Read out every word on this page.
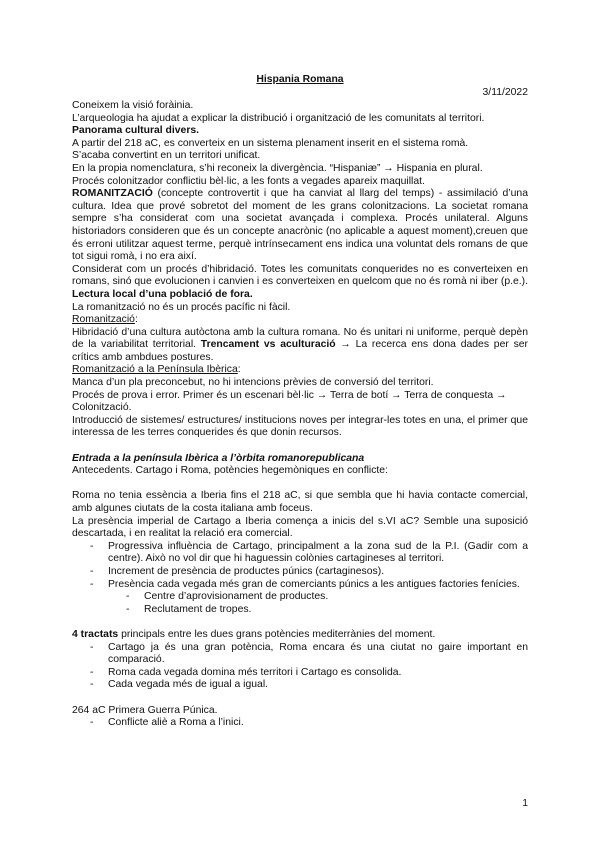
Hispania Romana

3/11/2022

Coneixem la visió foràinia.

L’arqueologia ha ajudat a explicar la distribució i organització de les comunitats al territori.

Panorama cultural divers.

A partir del 218 aC, es converteix en un sistema plenament inserit en el sistema romà.

S’acaba convertint en un territori unificat.

En la propia nomenclatura, s’hi reconeix la divergència. “Hispaniæ” → Hispania en plural.

Procés colonitzador conflictiu bèl·lic, a les fonts a vegades apareix maquillat.

ROMANITZACIÓ (concepte controvertit i que ha canviat al llarg del temps) - assimilació d’una cultura. Idea que prové sobretot del moment de les grans colonitzacions. La societat romana sempre s’ha considerat com una societat avançada i complexa. Procés unilateral. Alguns historiadors consideren que és un concepte anacrònic (no aplicable a aquest moment),creuen que és erroni utilitzar aquest terme, perquè intrínsecament ens indica una voluntat dels romans de que tot sigui romà, i no era així.

Considerat com un procés d’hibridació. Totes les comunitats conquerides no es converteixen en romans, sinó que evolucionen i canvien i es converteixen en quelcom que no és romà ni iber (p.e.). Lectura local d’una població de fora.

La romanització no és un procés pacífic ni fàcil.

Romanització:

Hibridació d’una cultura autòctona amb la cultura romana. No és unitari ni uniforme, perquè depèn de la variabilitat territorial. Trencament vs aculturació → La recerca ens dona dades per ser crítics amb ambdues postures.

Romanització a la Península Ibèrica:

Manca d’un pla preconcebut, no hi intencions prèvies de conversió del territori.

Procés de prova i error. Primer és un escenari bèl·lic → Terra de botí → Terra de conquesta → Colonització.

Introducció de sistemes/ estructures/ institucions noves per integrar-les totes en una, el primer que interessa de les terres conquerides és que donin recursos.

Entrada a la península Ibèrica a l’òrbita romanorepublicana

Antecedents. Cartago i Roma, potències hegemòniques en conflicte:

Roma no tenia essència a Iberia fins el 218 aC, si que sembla que hi havia contacte comercial, amb algunes ciutats de la costa italiana amb foceus.

La presència imperial de Cartago a Iberia comença a inicis del s.VI aC? Semble una suposició descartada, i en realitat la relació era comercial.

- Progressiva influència de Cartago, principalment a la zona sud de la P.I. (Gadir com a centre). Això no vol dir que hi haguessin colònies cartagineses al territori.
- Increment de presència de productes púnics (cartaginesos).
- Presència cada vegada més gran de comerciants púnics a les antigues factories fenícies.
- Centre d’aprovisionament de productes.
- Reclutament de tropes.

4 tractats principals entre les dues grans potències mediterrànies del moment.

- Cartago ja és una gran potència, Roma encara és una ciutat no gaire important en comparació.
- Roma cada vegada domina més territori i Cartago es consolida.
- Cada vegada més de igual a igual.

264 aC Primera Guerra Púnica.

- Conflicte aliè a Roma a l’inici.
1
